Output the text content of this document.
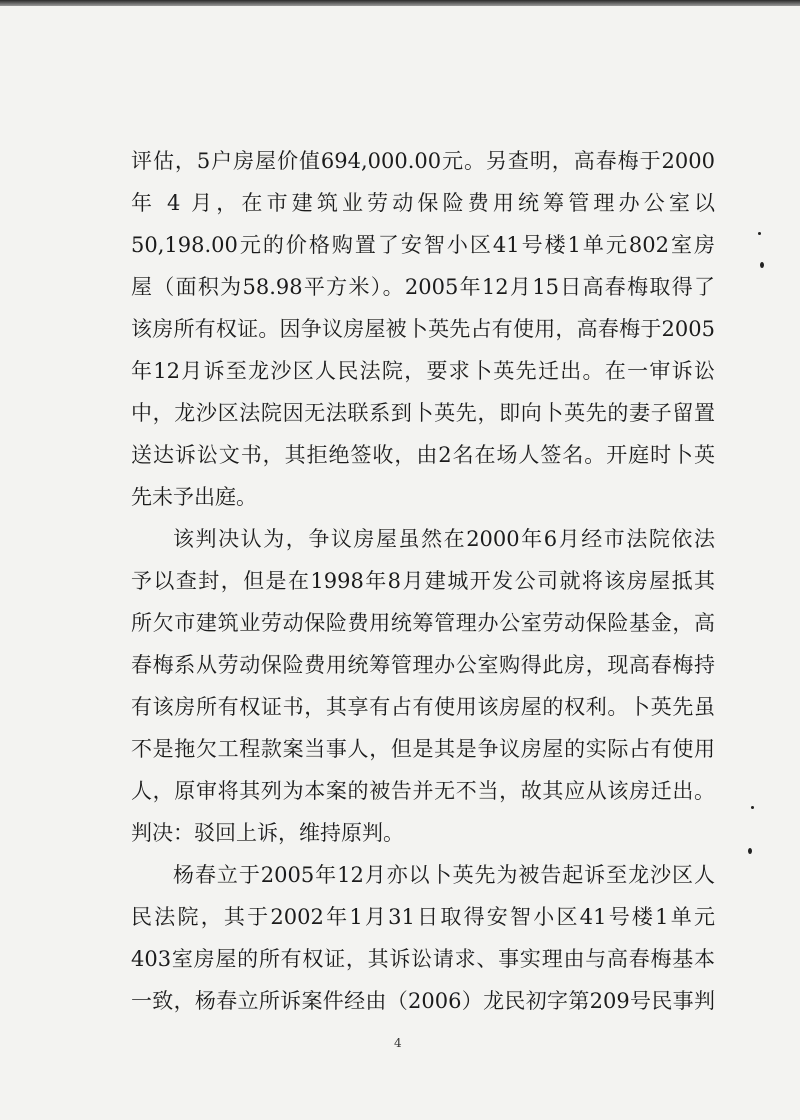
评估，5户房屋价值694,000.00元。另查明，高春梅于2000
年 4 月，在市建筑业劳动保险费用统筹管理办公室以
50,198.00元的价格购置了安智小区41号楼1单元802室房
屋（面积为58.98平方米）。2005年12月15日高春梅取得了
该房所有权证。因争议房屋被卜英先占有使用，高春梅于2005
年12月诉至龙沙区人民法院，要求卜英先迁出。在一审诉讼
中，龙沙区法院因无法联系到卜英先，即向卜英先的妻子留置
送达诉讼文书，其拒绝签收，由2名在场人签名。开庭时卜英
先未予出庭。
该判决认为，争议房屋虽然在2000年6月经市法院依法
予以查封，但是在1998年8月建城开发公司就将该房屋抵其
所欠市建筑业劳动保险费用统筹管理办公室劳动保险基金，高
春梅系从劳动保险费用统筹管理办公室购得此房，现高春梅持
有该房所有权证书，其享有占有使用该房屋的权利。卜英先虽
不是拖欠工程款案当事人，但是其是争议房屋的实际占有使用
人，原审将其列为本案的被告并无不当，故其应从该房迁出。
判决：驳回上诉，维持原判。
杨春立于2005年12月亦以卜英先为被告起诉至龙沙区人
民法院，其于2002年1月31日取得安智小区41号楼1单元
403室房屋的所有权证，其诉讼请求、事实理由与高春梅基本
一致，杨春立所诉案件经由（2006）龙民初字第209号民事判
4
